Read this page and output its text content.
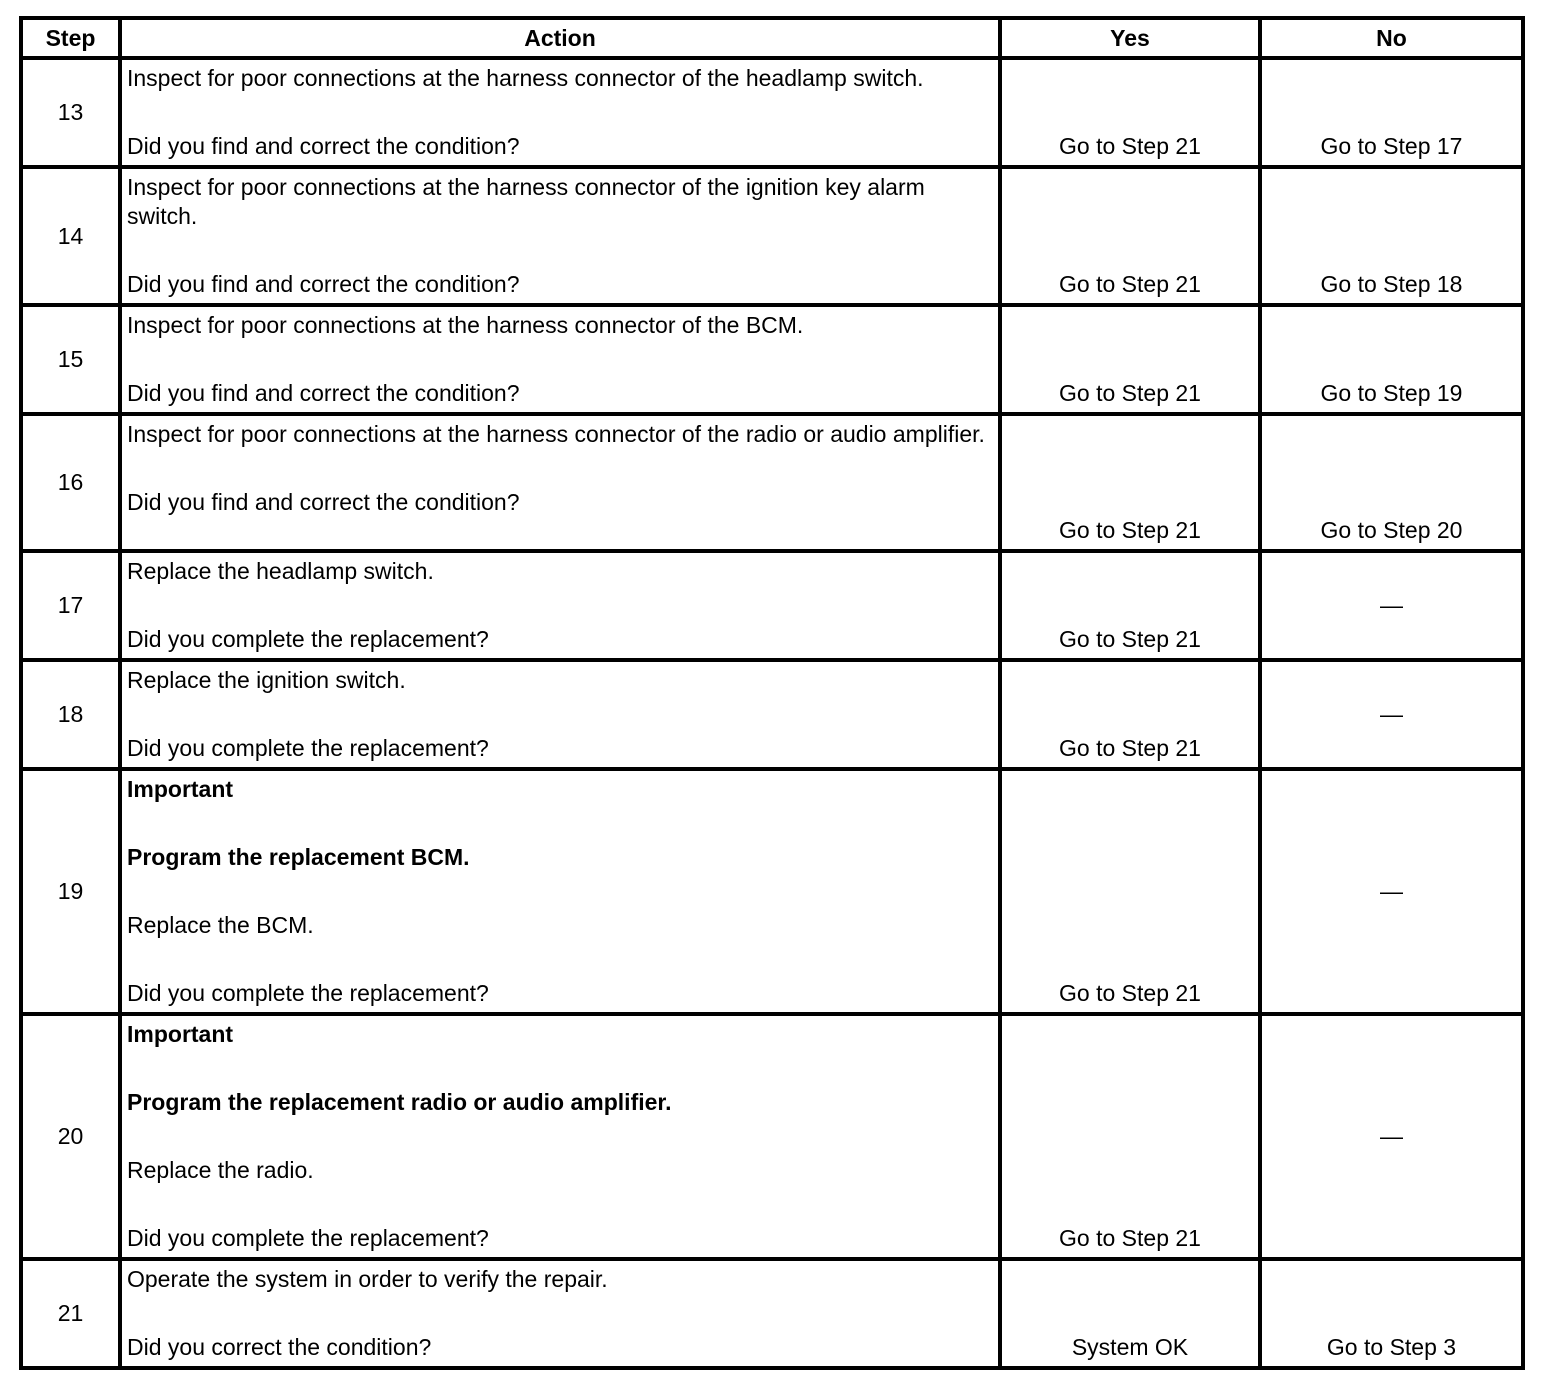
Step	Action	Yes	No
13	Inspect for poor connections at the harness connector of the headlamp switch.

Did you find and correct the condition?	Go to Step 21	Go to Step 17
14	Inspect for poor connections at the harness connector of the ignition key alarm switch.

Did you find and correct the condition?	Go to Step 21	Go to Step 18
15	Inspect for poor connections at the harness connector of the BCM.

Did you find and correct the condition?	Go to Step 21	Go to Step 19
16	Inspect for poor connections at the harness connector of the radio or audio amplifier.

Did you find and correct the condition?	Go to Step 21	Go to Step 20
17	Replace the headlamp switch.

Did you complete the replacement?	Go to Step 21	—
18	Replace the ignition switch.

Did you complete the replacement?	Go to Step 21	—
19	Important

Program the replacement BCM.

Replace the BCM.

Did you complete the replacement?	Go to Step 21	—
20	Important

Program the replacement radio or audio amplifier.

Replace the radio.

Did you complete the replacement?	Go to Step 21	—
21	Operate the system in order to verify the repair.

Did you correct the condition?	System OK	Go to Step 3
